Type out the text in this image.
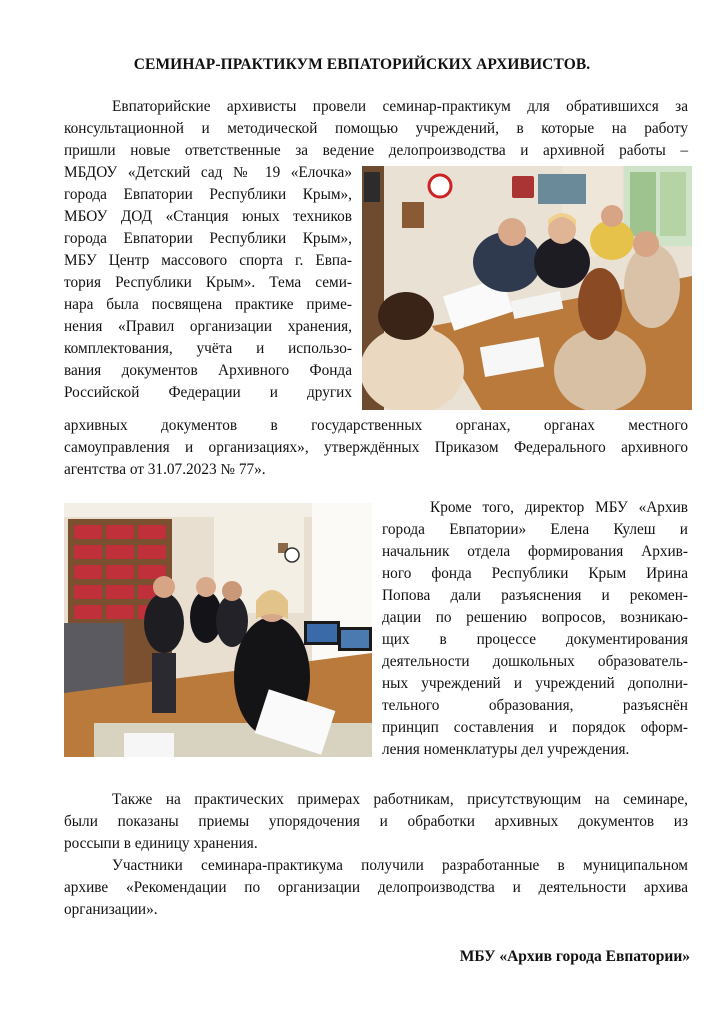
СЕМИНАР-ПРАКТИКУМ ЕВПАТОРИЙСКИХ АРХИВИСТОВ.
Евпаторийские архивисты провели семинар-практикум для обратившихся за
консультационной и методической помощью учреждений, в которые на работу
пришли новые ответственные за ведение делопроизводства и архивной работы –
МБДОУ «Детский сад № 19 «Елочка»
города Евпатории Республики Крым»,
МБОУ ДОД «Станция юных техников
города Евпатории Республики Крым»,
МБУ Центр массового спорта г. Евпа-
тория Республики Крым». Тема семи-
нара была посвящена практике приме-
нения «Правил организации хранения,
комплектования, учёта и использо-
вания документов Архивного Фонда
Российской Федерации и других
архивных документов в государственных органах, органах местного
самоуправления и организациях», утверждённых Приказом Федерального архивного
агентства от 31.07.2023 № 77».
Кроме того, директор МБУ «Архив
города Евпатории» Елена Кулеш и
начальник отдела формирования Архив-
ного фонда Республики Крым Ирина
Попова дали разъяснения и рекомен-
дации по решению вопросов, возникаю-
щих в процессе документирования
деятельности дошкольных образователь-
ных учреждений и учреждений дополни-
тельного образования, разъяснён
принцип составления и порядок оформ-
ления номенклатуры дел учреждения.
Также на практических примерах работникам, присутствующим на семинаре,
были показаны приемы упорядочения и обработки архивных документов из
россыпи в единицу хранения.
Участники семинара-практикума получили разработанные в муниципальном
архиве «Рекомендации по организации делопроизводства и деятельности архива
организации».
МБУ «Архив города Евпатории»
